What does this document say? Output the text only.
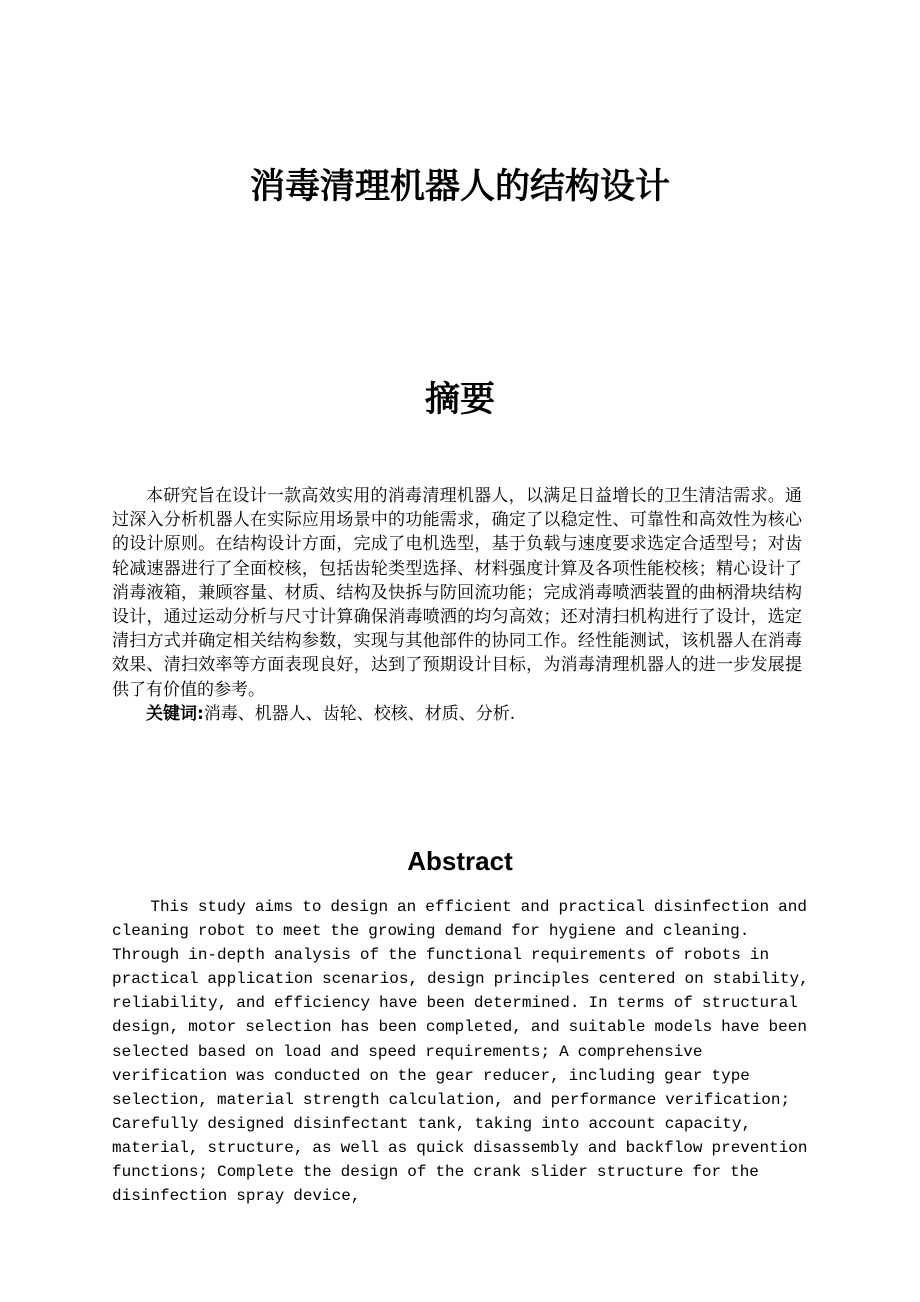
消毒清理机器人的结构设计
摘要

本研究旨在设计一款高效实用的消毒清理机器人，以满足日益增长的卫生清洁需求。通过深入分析机器人在实际应用场景中的功能需求，确定了以稳定性、可靠性和高效性为核心的设计原则。在结构设计方面，完成了电机选型，基于负载与速度要求选定合适型号；对齿轮减速器进行了全面校核，包括齿轮类型选择、材料强度计算及各项性能校核；精心设计了消毒液箱，兼顾容量、材质、结构及快拆与防回流功能；完成消毒喷洒装置的曲柄滑块结构设计，通过运动分析与尺寸计算确保消毒喷洒的均匀高效；还对清扫机构进行了设计，选定清扫方式并确定相关结构参数，实现与其他部件的协同工作。经性能测试，该机器人在消毒效果、清扫效率等方面表现良好，达到了预期设计目标，为消毒清理机器人的进一步发展提供了有价值的参考。

关键词:消毒、机器人、齿轮、校核、材质、分析.

Abstract

This study aims to design an efficient and practical disinfection and cleaning robot to meet the growing demand for hygiene and cleaning. Through in-depth analysis of the functional requirements of robots in practical application scenarios, design principles centered on stability, reliability, and efficiency have been determined. In terms of structural design, motor selection has been completed, and suitable models have been selected based on load and speed requirements; A comprehensive verification was conducted on the gear reducer, including gear type selection, material strength calculation, and performance verification; Carefully designed disinfectant tank, taking into account capacity, material, structure, as well as quick disassembly and backflow prevention functions; Complete the design of the crank slider structure for the disinfection spray device,
